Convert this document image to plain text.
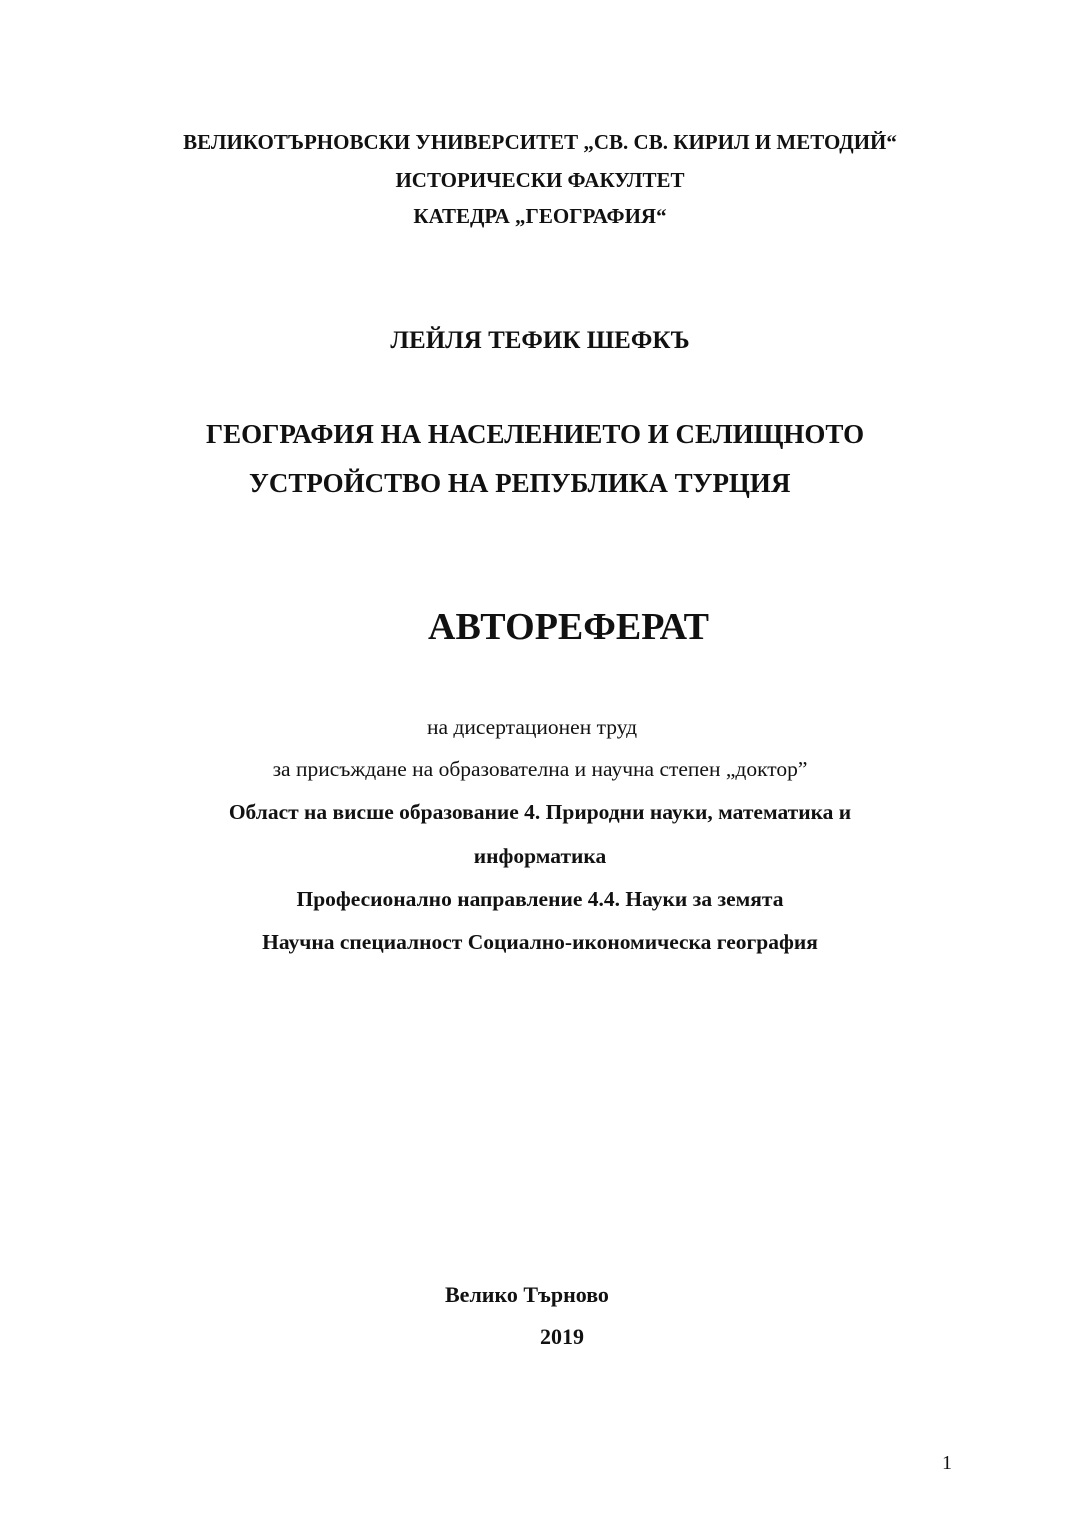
ВЕЛИКОТЪРНОВСКИ УНИВЕРСИТЕТ „СВ. СВ. КИРИЛ И МЕТОДИЙ“
ИСТОРИЧЕСКИ ФАКУЛТЕТ
КАТЕДРА „ГЕОГРАФИЯ“
ЛЕЙЛЯ ТЕФИК ШЕФКЪ
ГЕОГРАФИЯ НА НАСЕЛЕНИЕТО И СЕЛИЩНОТО
УСТРОЙСТВО НА РЕПУБЛИКА ТУРЦИЯ
АВТОРЕФЕРАТ
на дисертационен труд
за присъждане на образователна и научна степен „доктор”
Област на висше образование 4. Природни науки, математика и
информатика
Професионално направление 4.4. Науки за земята
Научна специалност Социално-икономическа география
Велико Търново
2019
1
